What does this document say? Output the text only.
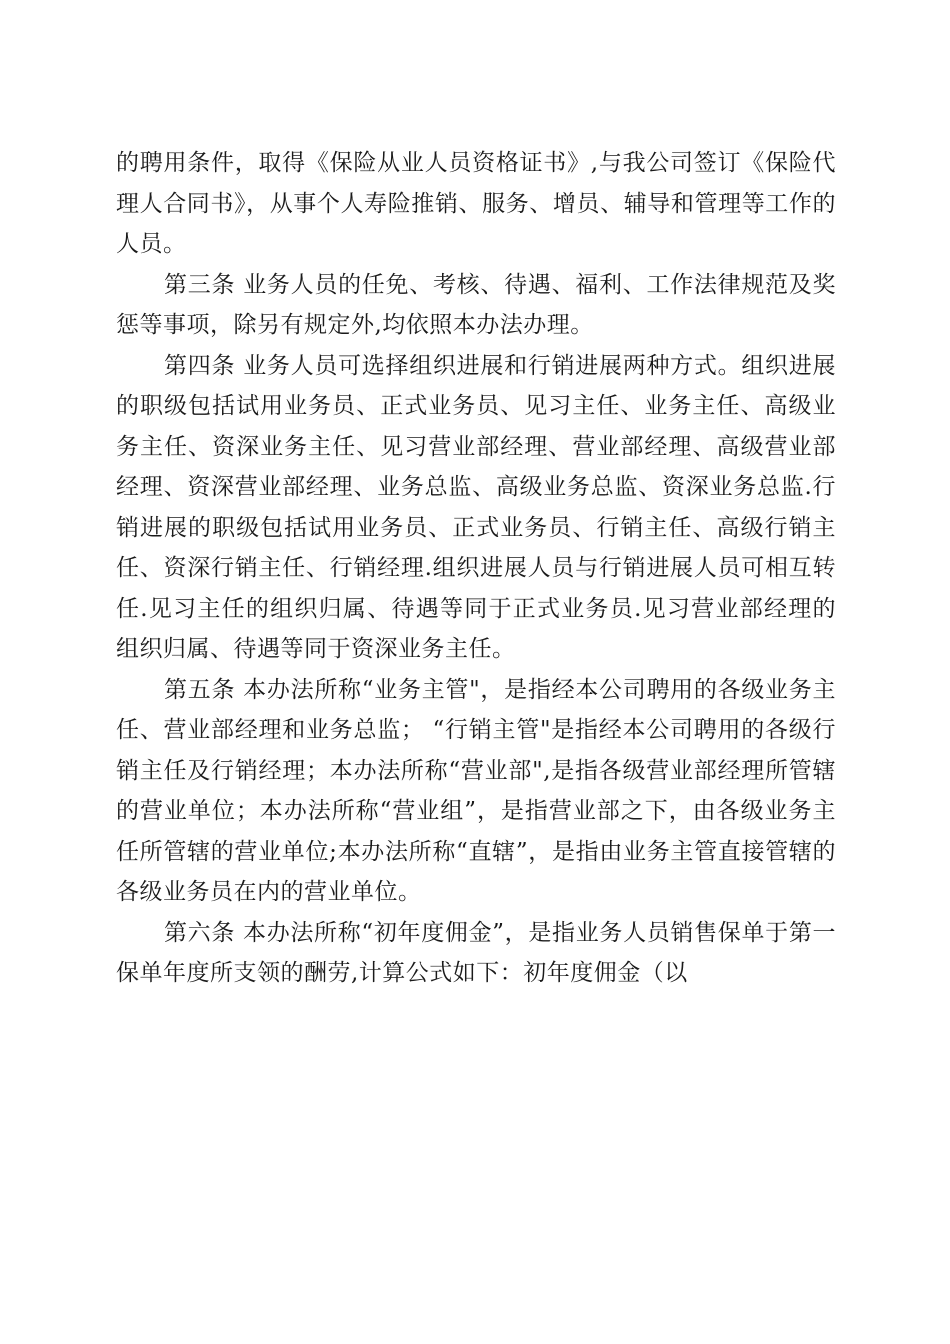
的聘用条件，取得《保险从业人员资格证书》,与我公司签订《保险代理人合同书》，从事个人寿险推销、服务、增员、辅导和管理等工作的人员。

第三条 业务人员的任免、考核、待遇、福利、工作法律规范及奖惩等事项，除另有规定外,均依照本办法办理。

第四条 业务人员可选择组织进展和行销进展两种方式。组织进展的职级包括试用业务员、正式业务员、见习主任、业务主任、高级业务主任、资深业务主任、见习营业部经理、营业部经理、高级营业部经理、资深营业部经理、业务总监、高级业务总监、资深业务总监.行销进展的职级包括试用业务员、正式业务员、行销主任、高级行销主任、资深行销主任、行销经理.组织进展人员与行销进展人员可相互转任.见习主任的组织归属、待遇等同于正式业务员.见习营业部经理的组织归属、待遇等同于资深业务主任。

第五条 本办法所称“业务主管"，是指经本公司聘用的各级业务主任、营业部经理和业务总监； “行销主管"是指经本公司聘用的各级行销主任及行销经理；本办法所称“营业部",是指各级营业部经理所管辖的营业单位；本办法所称“营业组”，是指营业部之下，由各级业务主任所管辖的营业单位;本办法所称“直辖”，是指由业务主管直接管辖的各级业务员在内的营业单位。

第六条 本办法所称“初年度佣金”，是指业务人员销售保单于第一保单年度所支领的酬劳,计算公式如下：初年度佣金（以
